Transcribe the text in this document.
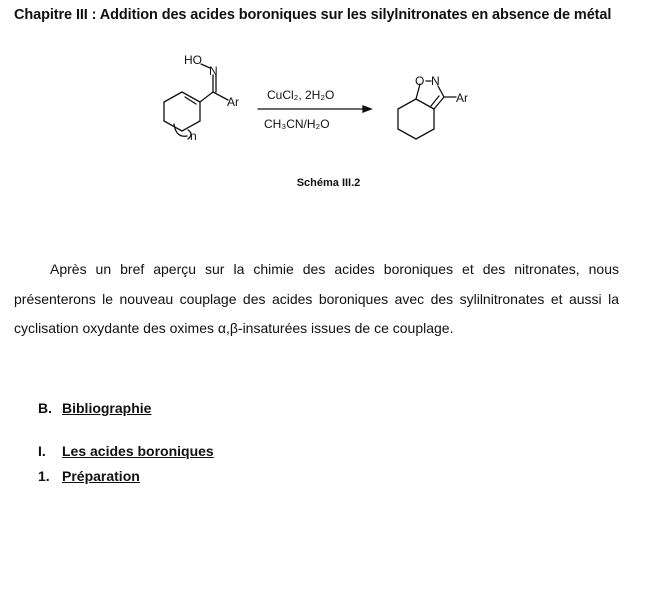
Chapitre III : Addition des acides boroniques sur les silylnitronates en absence de métal
HO
N
Ar
n
CuCl₂, 2H₂O
CH₃CN/H₂O
O N
Ar
Schéma III.2
Après un bref aperçu sur la chimie des acides boroniques et des nitronates, nous présenterons le nouveau couplage des acides boroniques avec des sylilnitronates et aussi la cyclisation oxydante des oximes α,β-insaturées issues de ce couplage.
B. Bibliographie
I. Les acides boroniques
1. Préparation
